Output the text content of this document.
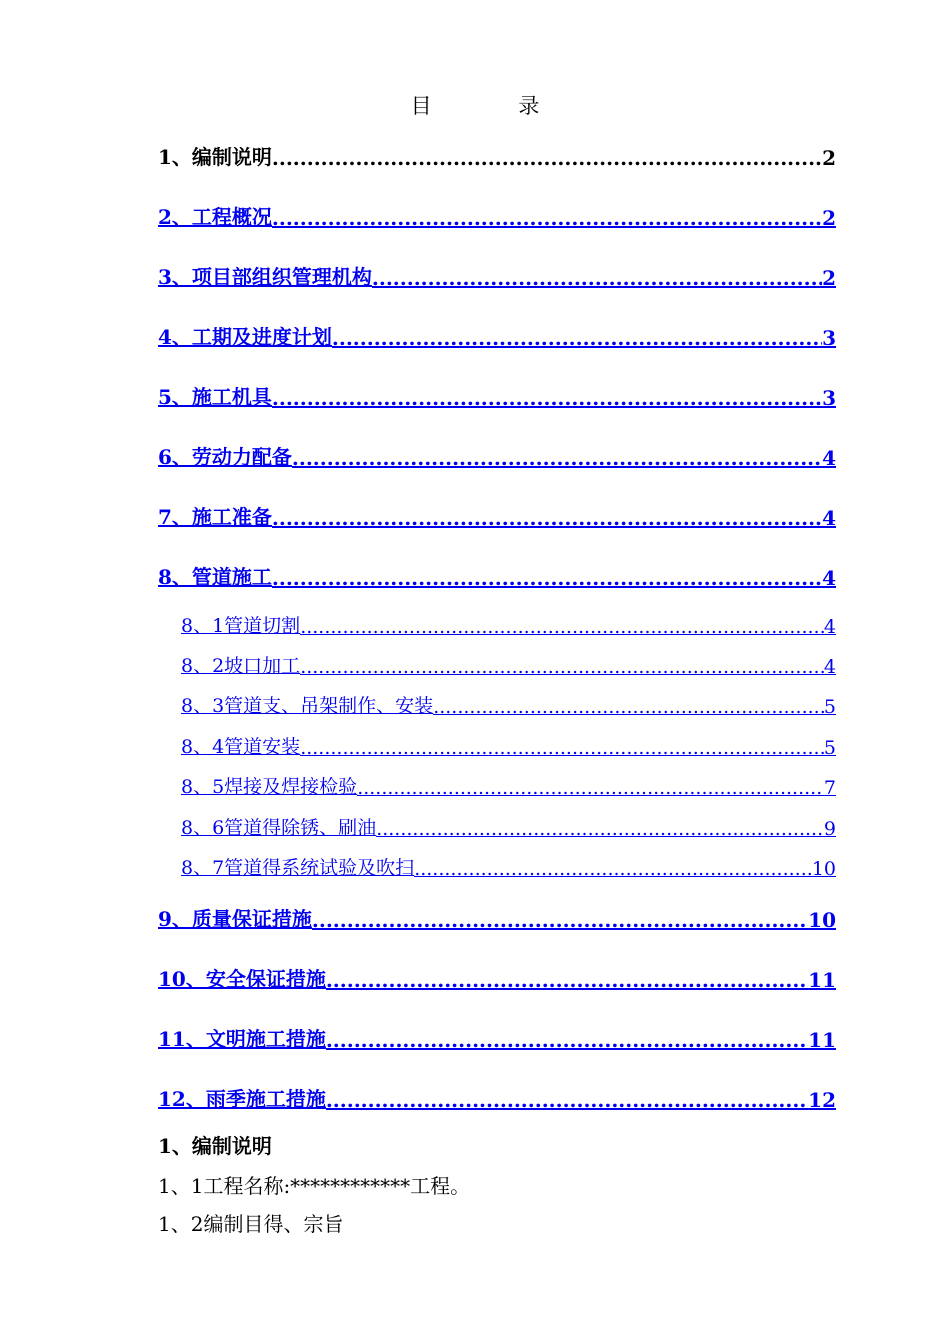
目 录
1、编制说明 .....	2
2、工程概况 .....	2
3、项目部组织管理机构 .....	2
4、工期及进度计划 .....	3
5、施工机具 .....	3
6、劳动力配备 .....	4
7、施工准备 .....	4
8、管道施工 .....	4
8、1管道切割 .....	4
8、2坡口加工 .....	4
8、3管道支、吊架制作、安装 .....	5
8、4管道安装 .....	5
8、5焊接及焊接检验 .....	7
8、6管道得除锈、刷油 .....	9
8、7管道得系统试验及吹扫 .....	10
9、质量保证措施 .....	10
10、安全保证措施 .....	11
11、文明施工措施 .....	11
12、雨季施工措施 .....	12
1、编制说明
1、1工程名称:************工程。
1、2编制目得、宗旨
